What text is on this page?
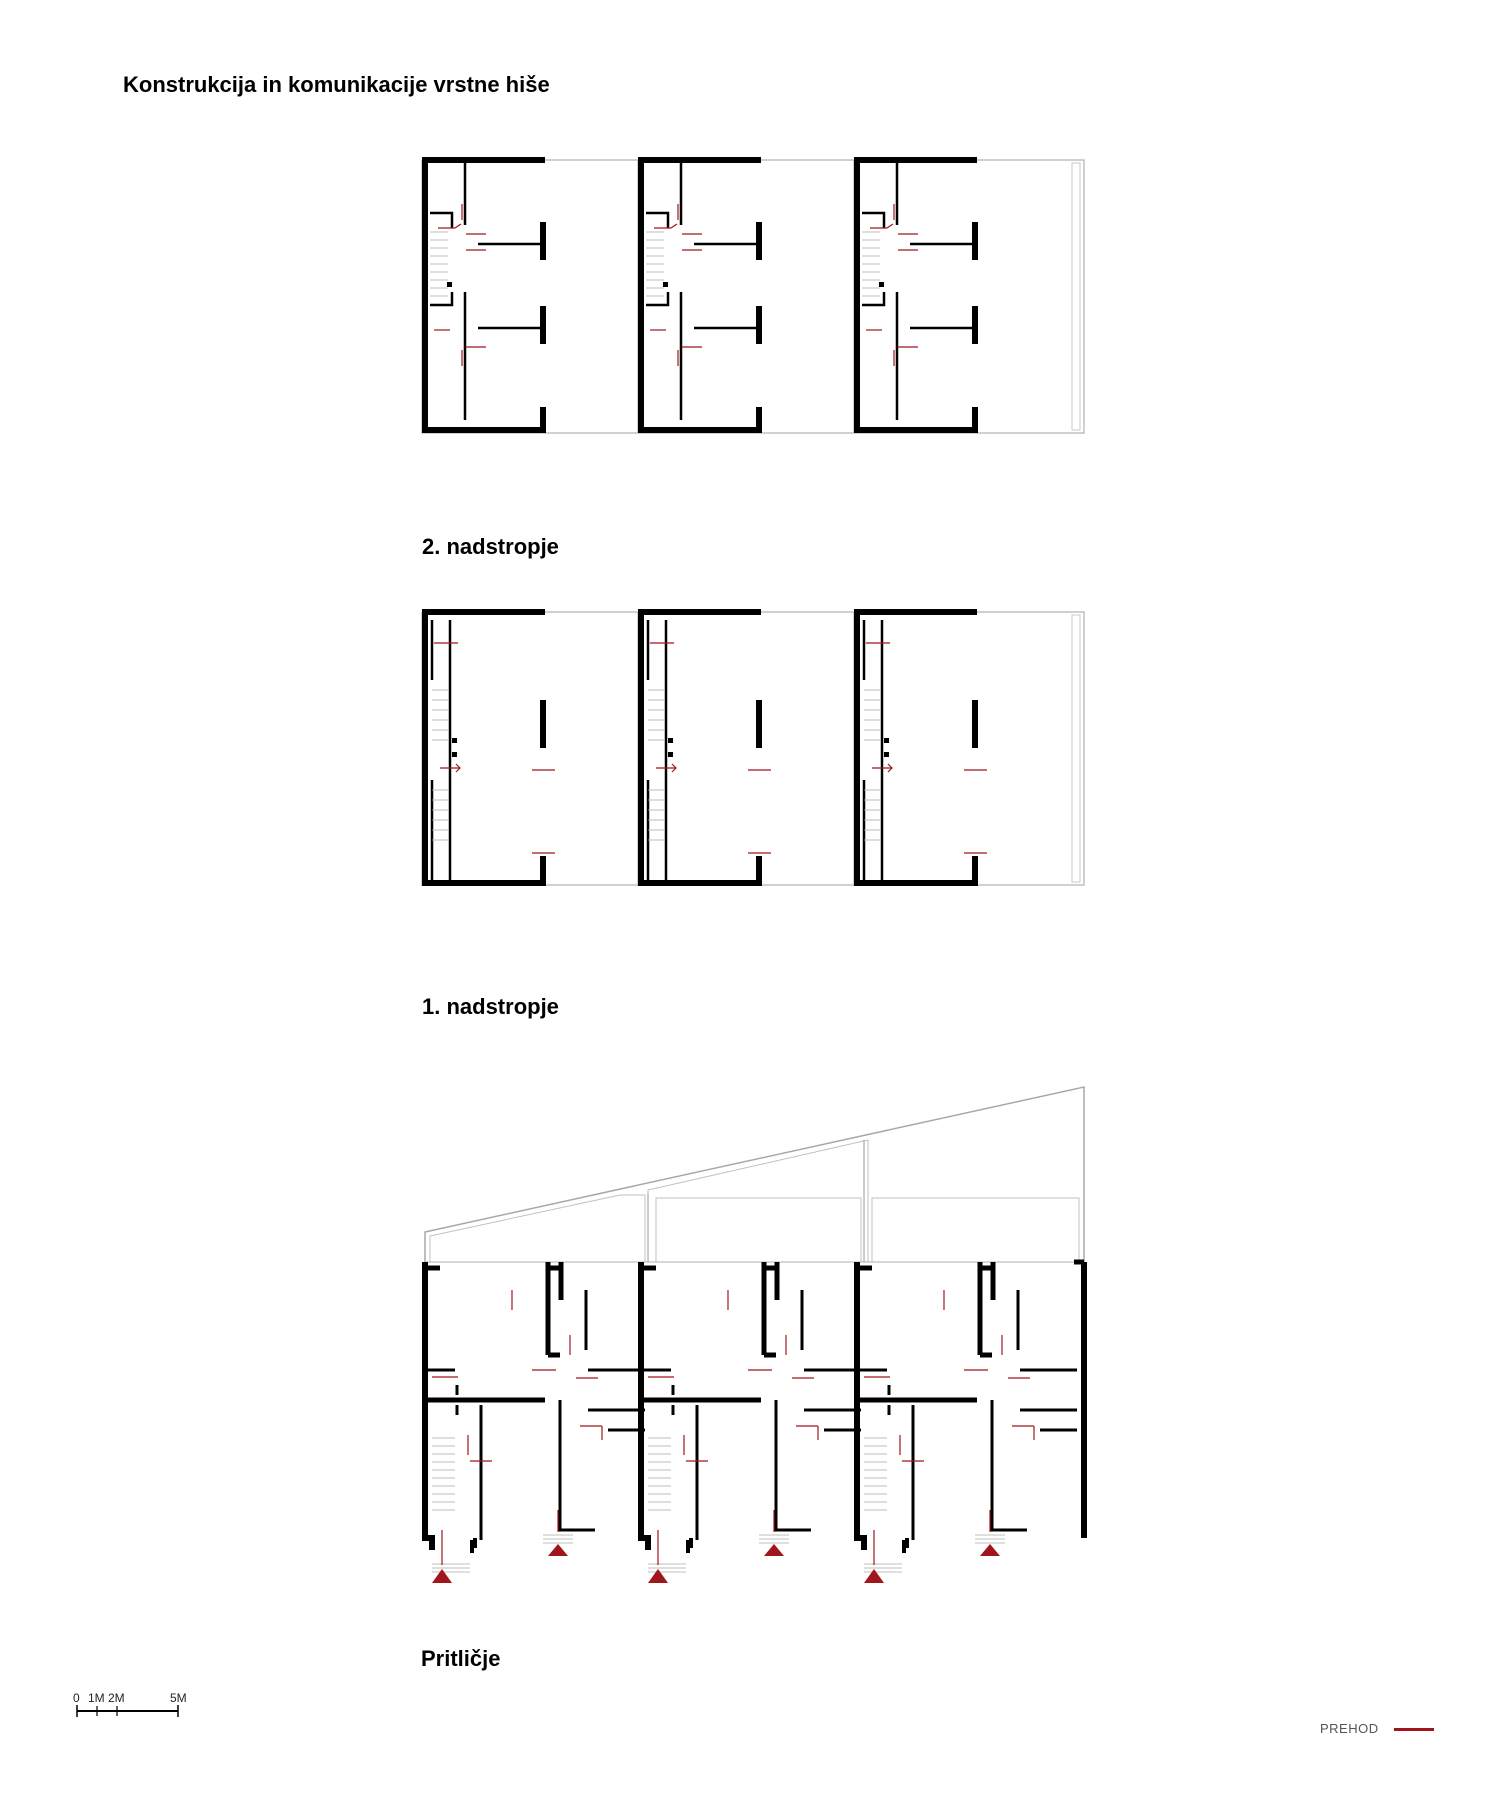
Konstrukcija in komunikacije vrstne hiše
2. nadstropje
1. nadstropje
Pritličje
0 1M 2M	5M
PREHOD
